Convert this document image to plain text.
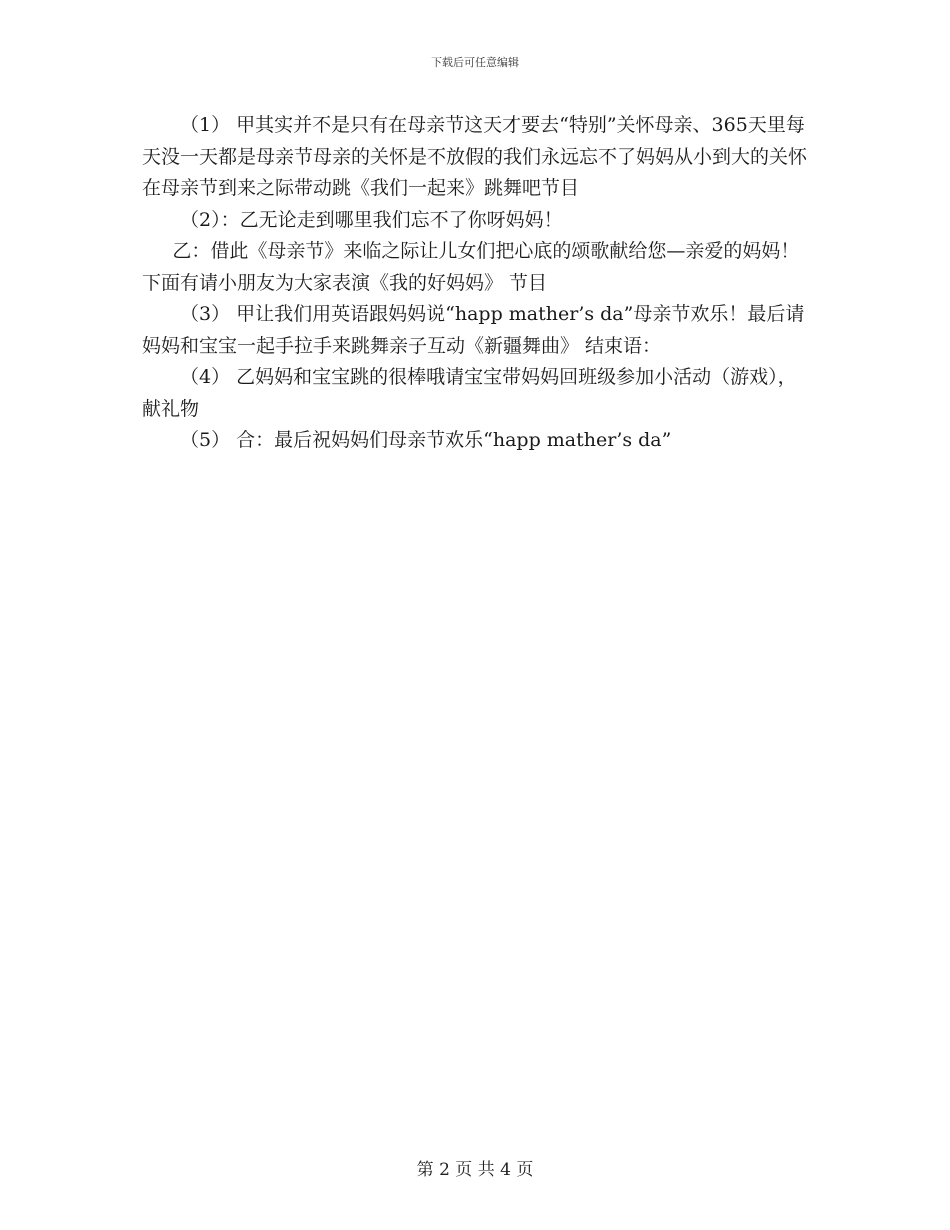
下载后可任意编辑

（1） 甲其实并不是只有在母亲节这天才要去“特别”关怀母亲、365天里每天没一天都是母亲节母亲的关怀是不放假的我们永远忘不了妈妈从小到大的关怀在母亲节到来之际带动跳《我们一起来》跳舞吧节目

（2）：乙无论走到哪里我们忘不了你呀妈妈！

乙：借此《母亲节》来临之际让儿女们把心底的颂歌献给您—亲爱的妈妈！下面有请小朋友为大家表演《我的好妈妈》 节目

（3） 甲让我们用英语跟妈妈说“happ mather’s da”母亲节欢乐！最后请妈妈和宝宝一起手拉手来跳舞亲子互动《新疆舞曲》 结束语：

（4） 乙妈妈和宝宝跳的很棒哦请宝宝带妈妈回班级参加小活动（游戏），献礼物

（5） 合：最后祝妈妈们母亲节欢乐“happ mather’s da”

第 2 页 共 4 页
